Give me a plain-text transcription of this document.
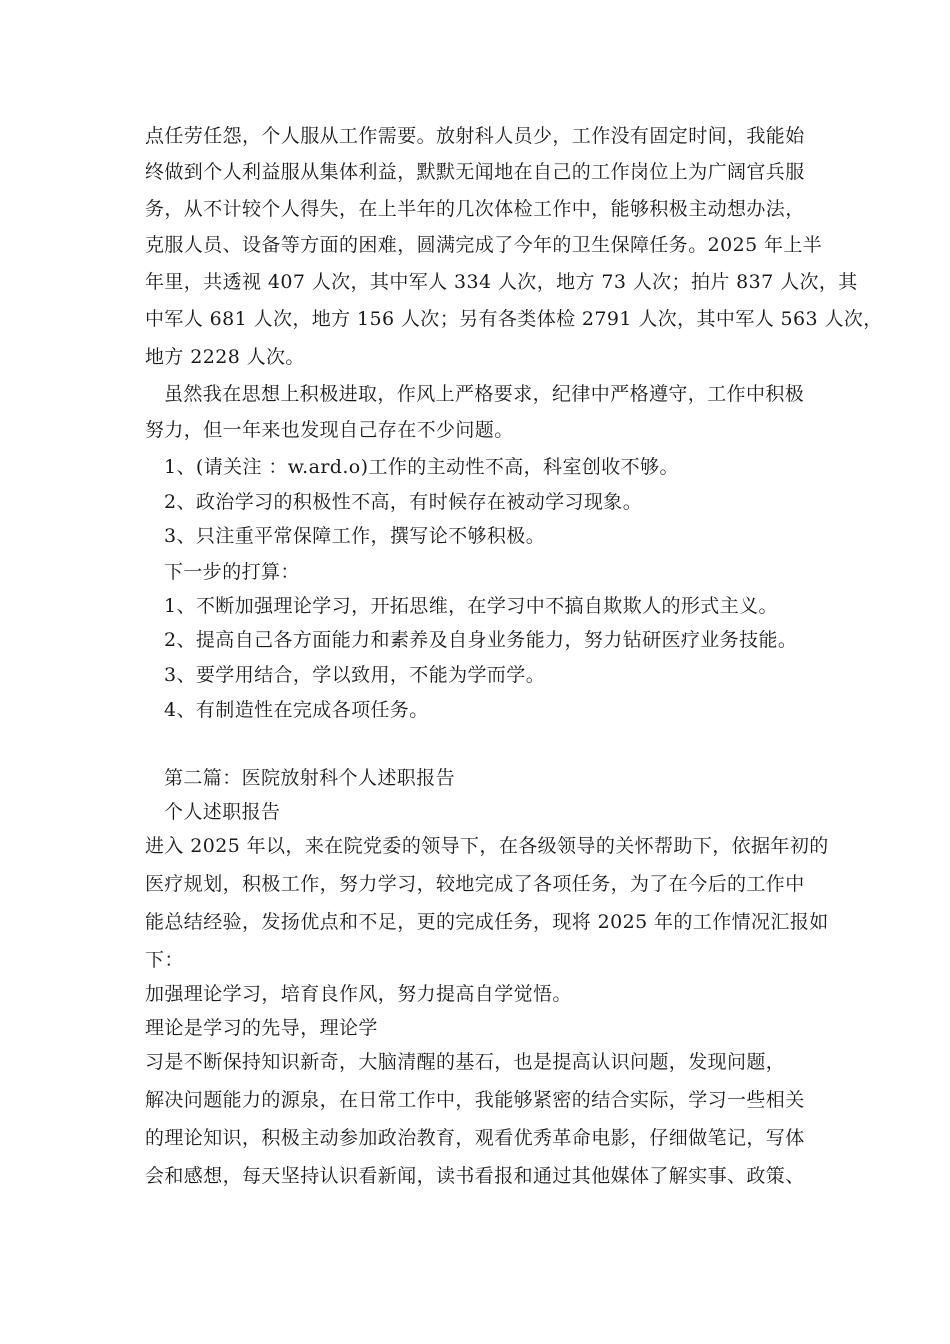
点任劳任怨，个人服从工作需要。放射科人员少，工作没有固定时间，我能始
终做到个人利益服从集体利益，默默无闻地在自己的工作岗位上为广阔官兵服
务，从不计较个人得失，在上半年的几次体检工作中，能够积极主动想办法，
克服人员、设备等方面的困难，圆满完成了今年的卫生保障任务。2025 年上半
年里，共透视 407 人次，其中军人 334 人次，地方 73 人次；拍片 837 人次，其
中军人 681 人次，地方 156 人次；另有各类体检 2791 人次，其中军人 563 人次，
地方 2228 人次。
虽然我在思想上积极进取，作风上严格要求，纪律中严格遵守，工作中积极
努力，但一年来也发现自己存在不少问题。
1、(请关注 ：w.ard.o)工作的主动性不高，科室创收不够。
2、政治学习的积极性不高，有时候存在被动学习现象。
3、只注重平常保障工作，撰写论不够积极。
下一步的打算：
1、不断加强理论学习，开拓思维，在学习中不搞自欺欺人的形式主义。
2、提高自己各方面能力和素养及自身业务能力，努力钻研医疗业务技能。
3、要学用结合，学以致用，不能为学而学。
4、有制造性在完成各项任务。
第二篇：医院放射科个人述职报告
个人述职报告
进入 2025 年以，来在院党委的领导下，在各级领导的关怀帮助下，依据年初的
医疗规划，积极工作，努力学习，较地完成了各项任务，为了在今后的工作中
能总结经验，发扬优点和不足，更的完成任务，现将 2025 年的工作情况汇报如
下：
加强理论学习，培育良作风，努力提高自学觉悟。
理论是学习的先导，理论学
习是不断保持知识新奇，大脑清醒的基石，也是提高认识问题，发现问题，
解决问题能力的源泉，在日常工作中，我能够紧密的结合实际，学习一些相关
的理论知识，积极主动参加政治教育，观看优秀革命电影，仔细做笔记，写体
会和感想，每天坚持认识看新闻，读书看报和通过其他媒体了解实事、政策、
